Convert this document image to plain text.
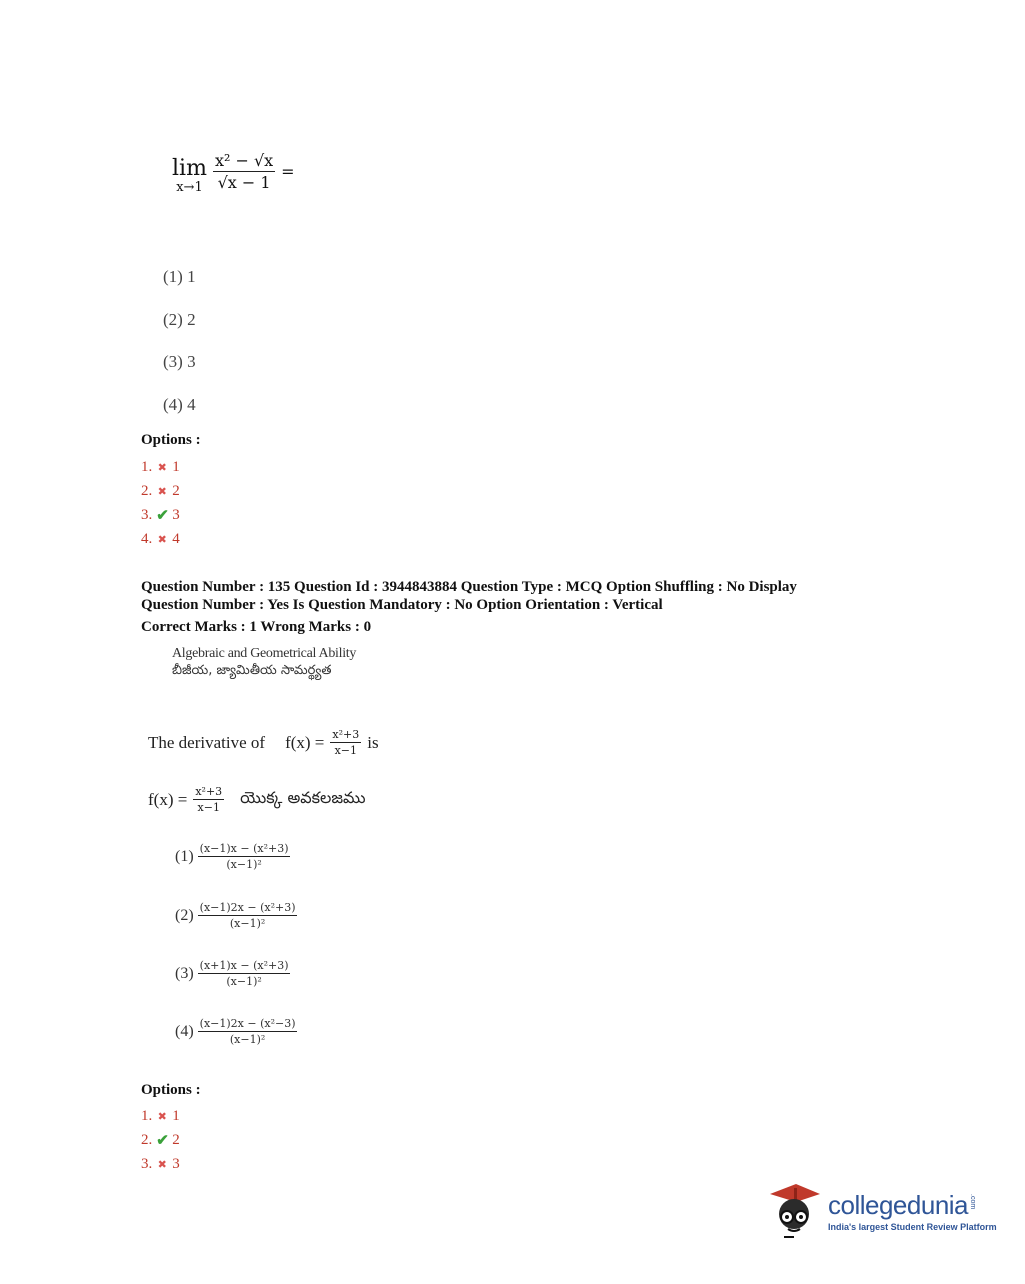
lim
$x\to 1 \frac{\text{x² − √x}}{√x - 1}$ =
(1) 1
(2) 2
(3) 3
(4) 4
Options :
1. ✖ 1
2. ✖ 2
3. ✔ 3
4. ✖ 4
Question Number : 135 Question Id : 3944843884 Question Type : MCQ Option Shuffling : No Display
Question Number : Yes Is Question Mandatory : No Option Orientation : Vertical
Correct Marks : 1 Wrong Marks : 0
Algebraic and Geometrical Ability
బీజీయ, జ్యామితీయ సామర్థ్యత
The derivative of $f(x) = \frac{\text{x²+3}}{x-1}$ is
$f(x) = \frac{\text{x²+3}}{x-1}$ యొక్క అవకలజము
$(1) \frac{\text{(x−1)x − (x²+3)}}{\text{(x−1)²}}$
$(2) \frac{\text{(x−1)2x − (x²+3)}}{\text{(x−1)²}}$
$(3) \frac{\text{(x+1)x − (x²+3)}}{\text{(x−1)²}}$
$(4) \frac{\text{(x−1)2x − (x²−3)}}{\text{(x−1)²}}$
Options :
1. ✖ 1
2. ✔ 2
3. ✖ 3
collegedunia .com
India's largest Student Review Platform
